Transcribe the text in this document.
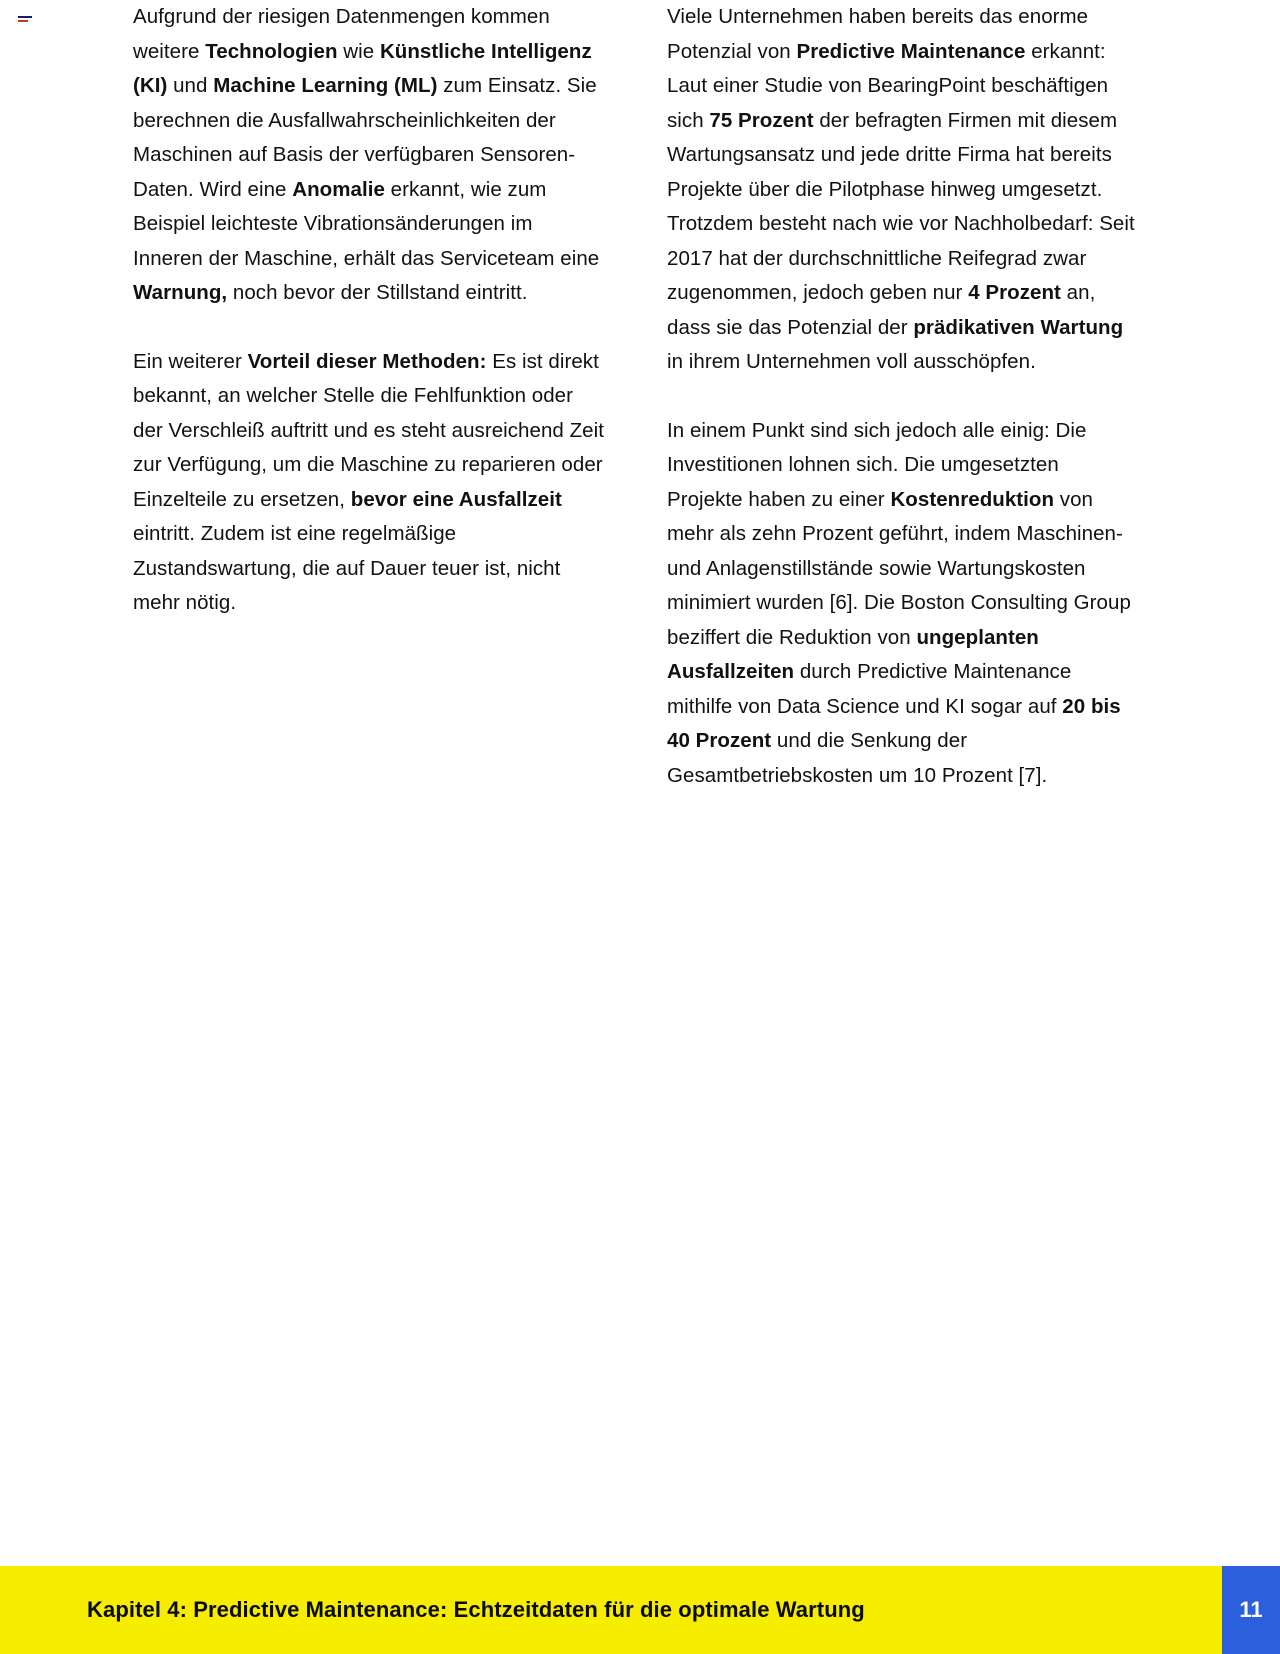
Aufgrund der riesigen Datenmengen kommen weitere Technologien wie Künstliche Intelligenz (KI) und Machine Learning (ML) zum Einsatz. Sie berechnen die Ausfallwahrscheinlichkeiten der Maschinen auf Basis der verfügbaren Sensoren-Daten. Wird eine Anomalie erkannt, wie zum Beispiel leichteste Vibrationsänderungen im Inneren der Maschine, erhält das Serviceteam eine Warnung, noch bevor der Stillstand eintritt.

Ein weiterer Vorteil dieser Methoden: Es ist direkt bekannt, an welcher Stelle die Fehlfunktion oder der Verschleiß auftritt und es steht ausreichend Zeit zur Verfügung, um die Maschine zu reparieren oder Einzelteile zu ersetzen, bevor eine Ausfallzeit eintritt. Zudem ist eine regelmäßige Zustandswartung, die auf Dauer teuer ist, nicht mehr nötig.

Viele Unternehmen haben bereits das enorme Potenzial von Predictive Maintenance erkannt: Laut einer Studie von BearingPoint beschäftigen sich 75 Prozent der befragten Firmen mit diesem Wartungsansatz und jede dritte Firma hat bereits Projekte über die Pilotphase hinweg umgesetzt. Trotzdem besteht nach wie vor Nachholbedarf: Seit 2017 hat der durchschnittliche Reifegrad zwar zugenommen, jedoch geben nur 4 Prozent an, dass sie das Potenzial der prädikativen Wartung in ihrem Unternehmen voll ausschöpfen.

In einem Punkt sind sich jedoch alle einig: Die Investitionen lohnen sich. Die umgesetzten Projekte haben zu einer Kostenreduktion von mehr als zehn Prozent geführt, indem Maschinen- und Anlagenstillstände sowie Wartungskosten minimiert wurden [6]. Die Boston Consulting Group beziffert die Reduktion von ungeplanten Ausfallzeiten durch Predictive Maintenance mithilfe von Data Science und KI sogar auf 20 bis 40 Prozent und die Senkung der Gesamtbetriebskosten um 10 Prozent [7].

Kapitel 4: Predictive Maintenance: Echtzeitdaten für die optimale Wartung	11
